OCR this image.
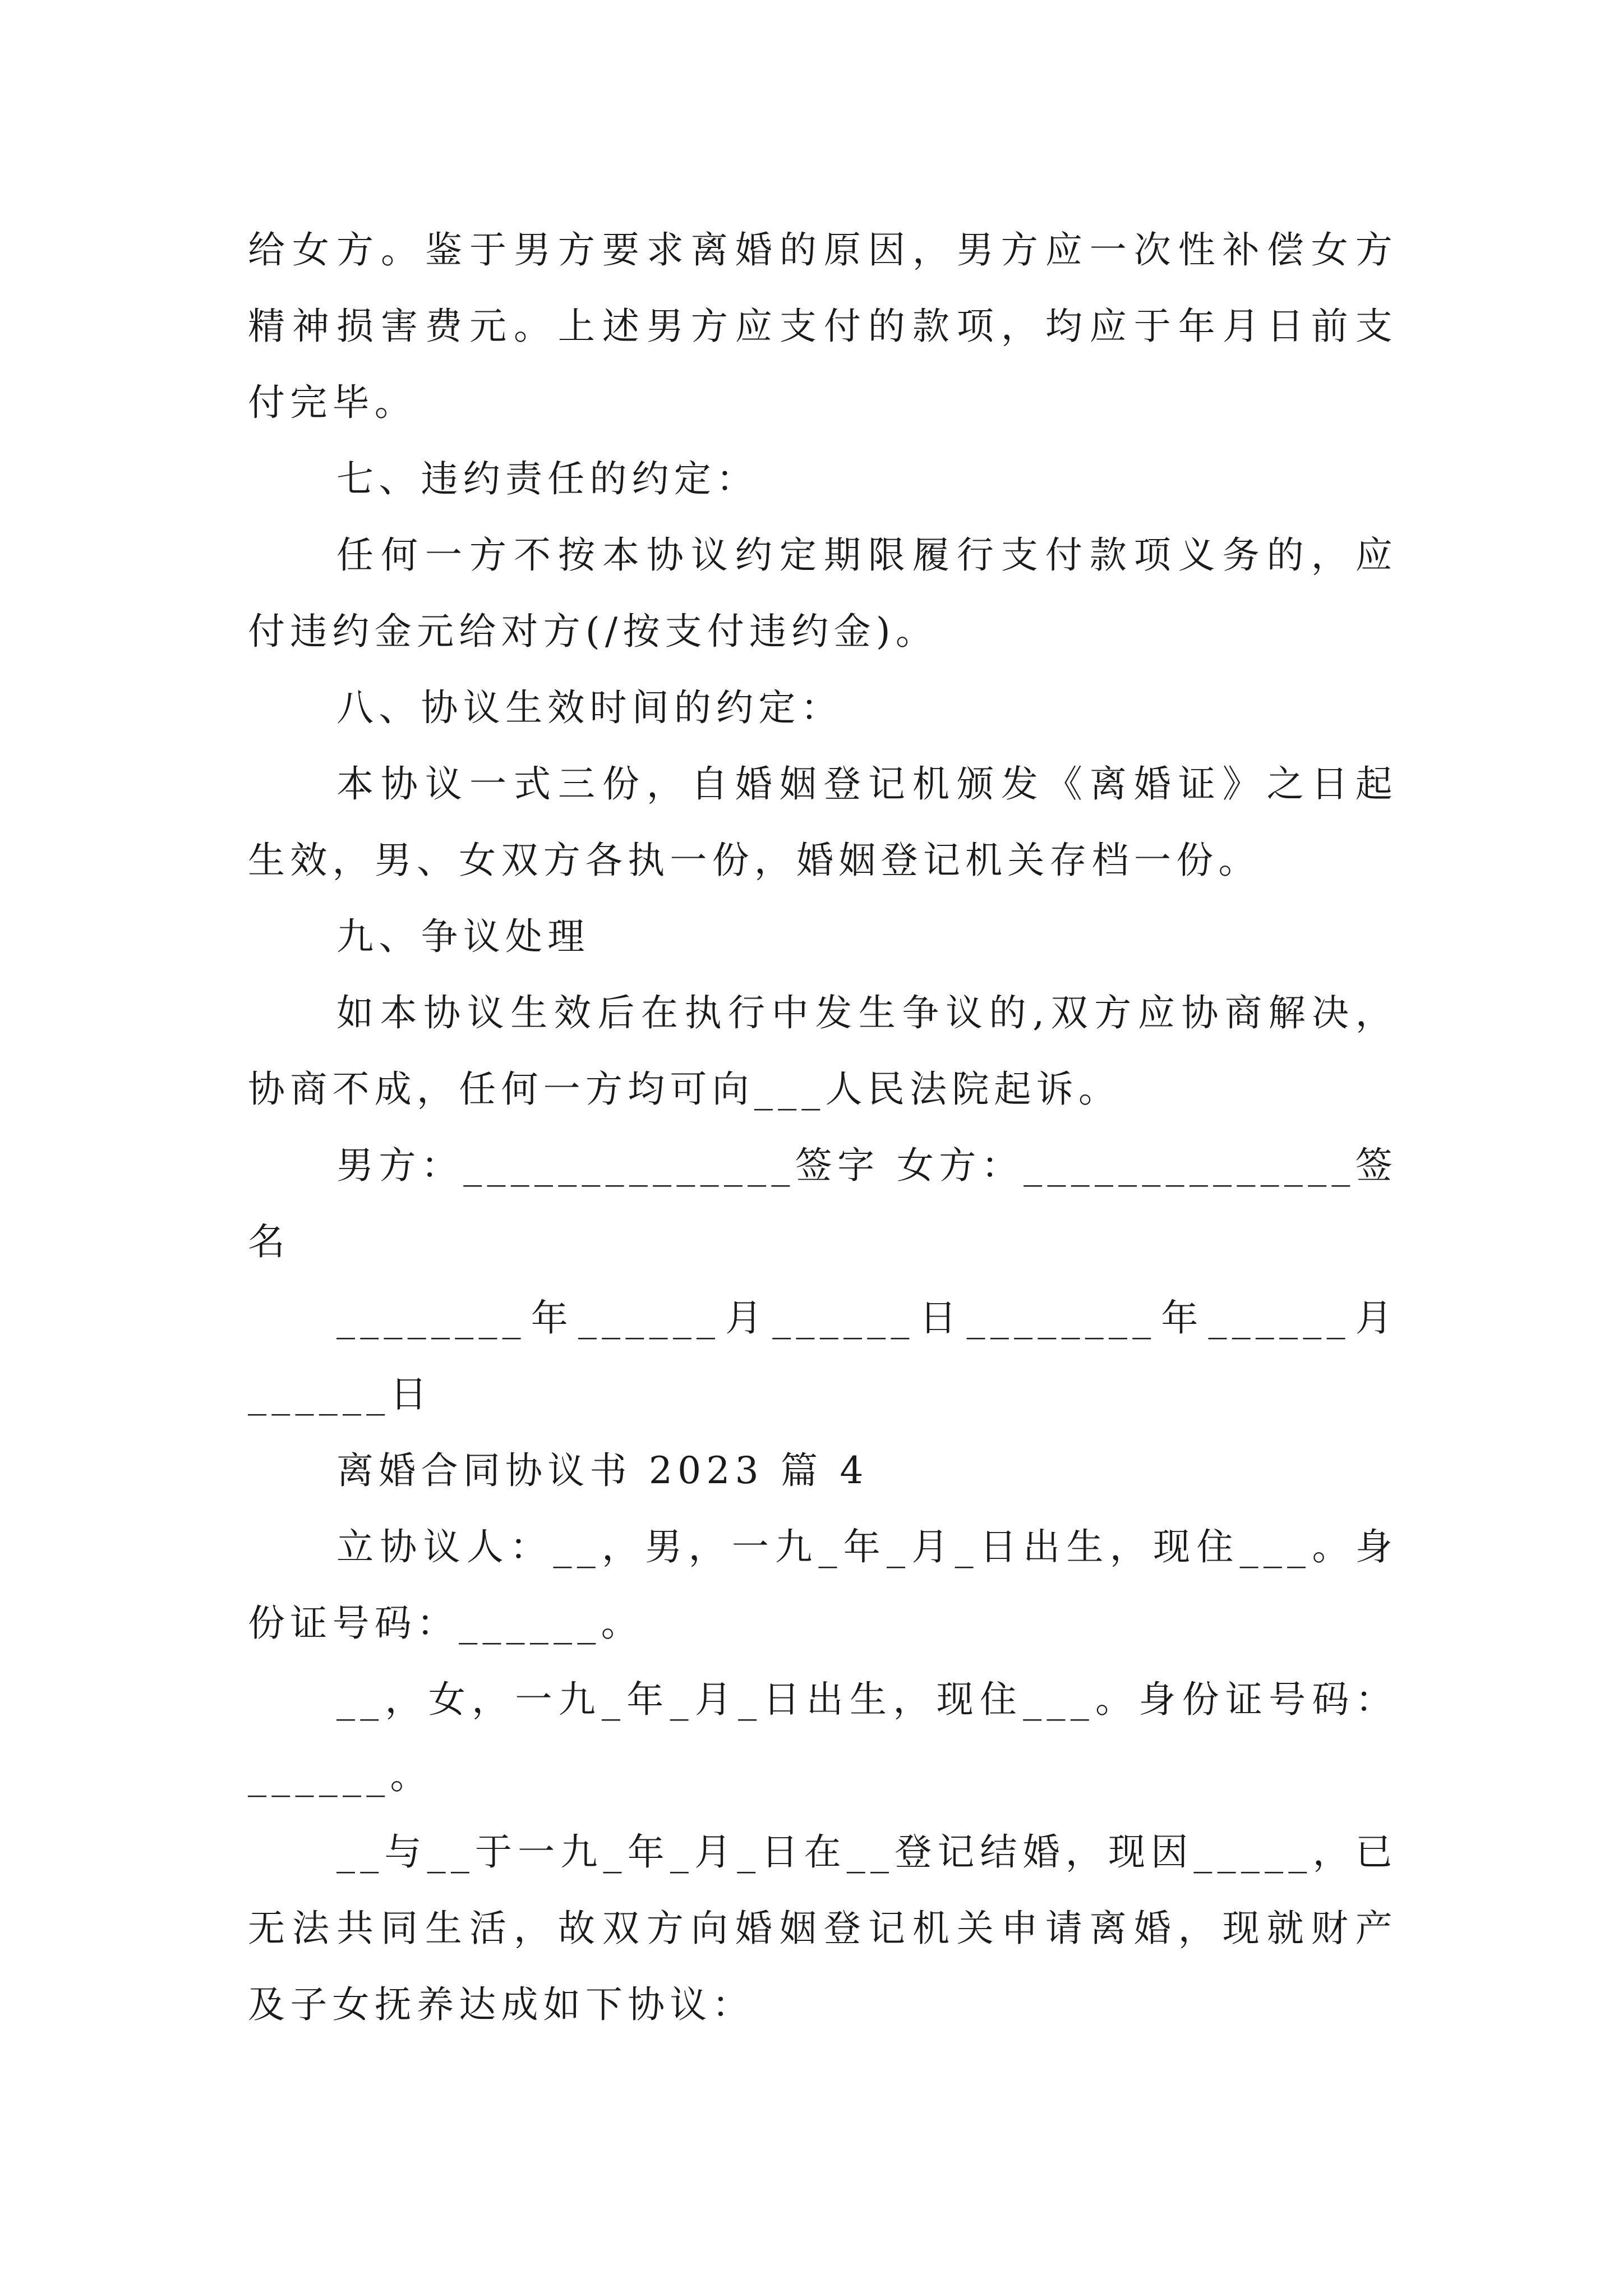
给女方。鉴于男方要求离婚的原因，男方应一次性补偿女方
精神损害费元。上述男方应支付的款项，均应于年月日前支
付完毕。
七、违约责任的约定：
任何一方不按本协议约定期限履行支付款项义务的，应
付违约金元给对方(/按支付违约金)。
八、协议生效时间的约定：
本协议一式三份，自婚姻登记机颁发《离婚证》之日起
生效，男、女双方各执一份，婚姻登记机关存档一份。
九、争议处理
如本协议生效后在执行中发生争议的,双方应协商解决，
协商不成，任何一方均可向___人民法院起诉。
男方：______________签字 女方：______________签
名
________年______月______日________年______月
______日
离婚合同协议书 2023 篇 4
立协议人：__，男，一九_年_月_日出生，现住___。身
份证号码：______。
__，女，一九_年_月_日出生，现住___。身份证号码：
______。
__与__于一九_年_月_日在__登记结婚，现因_____，已
无法共同生活，故双方向婚姻登记机关申请离婚，现就财产
及子女抚养达成如下协议：
